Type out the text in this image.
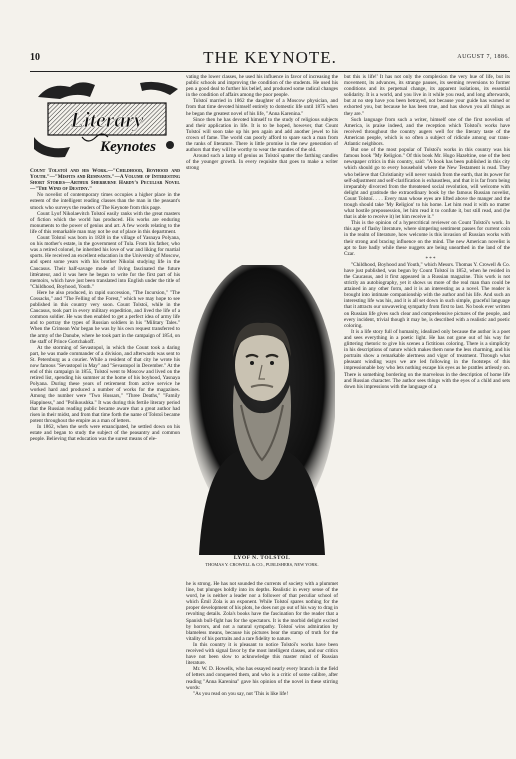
10	THE KEYNOTE.	AUGUST 7, 1886.
Literary
Keynotes

Count Tolstoï and his Work.—"Childhood, Boyhood and Youth."—"Misfits and Remnants."—A Volume of Interesting Short Stories—Arthur Sherburne Hardy's Peculiar Novel—"The Wind of Destiny."

No novelist of contemporary times occupies a higher place in the esteem of the intelligent reading classes than the man in the peasant's smock who surveys the readers of The Keynote from this page.

Count Lyof Nikolaevitch Tolstoï easily ranks with the great masters of fiction which the world has produced. His works are enduring monuments to the power of genius and art. A few words relating to the life of this remarkable man may not be out of place in this department.

Count Tolstoï was born in 1828 in the village of Yasnaya Polyana, on his mother's estate, in the government of Tula. From his father, who was a retired colonel, he inherited his love of war and liking for martial sports. He received an excellent education in the University of Moscow, and spent some years with his brother Nikolai studying life in the Caucasus. Their half-savage mode of living fascinated the future littérateur, and it was here he began to write for the first part of his memoirs, which have just been translated into English under the title of "Childhood, Boyhood, Youth."

Here he also produced, in rapid succession, "The Incursion," "The Cossacks," and "The Felling of the Forest," which we may hope to see published in this country very soon. Count Tolstoï, while in the Caucasus, took part in every military expedition, and lived the life of a common soldier. He was then enabled to get a perfect idea of army life and to portray the types of Russian soldiers in his "Military Tales." When the Crimean War began he was by his own request transferred to the army of the Danube, where he took part in the campaign of 1854, on the staff of Prince Gortchakoff.

At the storming of Sevastopol, in which the Count took a daring part, he was made commander of a division, and afterwards was sent to St. Petersburg as a courier. While a resident of that city he wrote his now famous "Sevastopol in May" and "Sevastopol in December." At the end of this campaign in 1855, Tolstoï went to Moscow and lived on the retired list, spending his summer at the home of his boyhood, Yasnaya Polyana. During these years of retirement from active service he worked hard and produced a number of works for the magazines. Among the number were "Two Hussars," "Three Deaths," "Family Happiness," and "Polikoushka." It was during this fertile literary period that the Russian reading public became aware that a great author had risen in their midst, and from that time forth the name of Tolstoï became potent throughout the empire as a man of letters.

In 1862, when the serfs were emancipated, he settled down on his estate and began to study the subject of the peasantry and common people. Believing that education was the surest means of ele-

vating the lower classes, he used his influence in favor of increasing the public schools and improving the condition of the students. He used his pen a good deal to further his belief, and produced some radical changes in the condition of affairs among the poor people.

Tolstoï married in 1862 the daughter of a Moscow physician, and from that time devoted himself entirely to domestic life until 1875 when he began the greatest novel of his life, "Anna Karenina."

Since then he has devoted himself to the study of religious subjects and their application in life. It is to be hoped, however, that Count Tolstoï will soon take up his pen again and add another jewel to his crown of fame. The world can poorly afford to spare such a man from the ranks of literature. There is little promise in the new generation of authors that they will be worthy to wear the mantles of the old.

Around such a lamp of genius as Tolstoï spatter the farthing candles of the younger growth. In every requisite that goes to make a writer strong

LYOF N. TOLSTOÏ.
THOMAS Y. CROWELL & CO., PUBLISHERS, NEW YORK.

he is strong. He has not sounded the currents of society with a plummet line, but plunges boldly into its depths. Realistic in every sense of the word, he is neither a leader nor a follower of that peculiar school of which Émil Zola is an exponent. While Tolstoï spares nothing for the proper development of his plots, he does not go out of his way to drag in revolting details. Zola's books have the fascination for the reader that a Spanish bull-fight has for the spectators. It is the morbid delight excited by horrors, and not a natural sympathy. Tolstoï wins admiration by blameless means, because his pictures bear the stamp of truth for the vitality of his portraits and a rare fidelity to nature.

In this country it is pleasant to notice Tolstoï's works have been received with signal favor by the most intelligent classes, and our critics have not been slow to acknowledge this master mind of Russian literature.

Mr. W. D. Howells, who has essayed nearly every branch in the field of letters and conquered them, and who is a critic of some calibre, after reading "Anna Karenina" gave his opinion of the novel in these stirring words:

"As you read on you say, not 'This is like life!

but this is life!' It has not only the complexion the very hue of life, but its movement, its advances, its strange pauses, its seeming reversions to former conditions and its perpetual change, its apparent isolations, its essential solidarity. It is a world, and you live in it while you read, and long afterwards, but at no step have you been betrayed, not because your guide has warned or exhorted you, but because he has been true, and has shown you all things as they are."

Such language from such a writer, himself one of the first novelists of America, is praise indeed, and the reception which Tolstoï's works have received throughout the country augers well for the literary taste of the American people, which is so often a subject of ridicule among our trans-Atlantic neighbors.

But one of the most popular of Tolstoï's works in this country was his famous book "My Religion." Of this book Mr. Hugo Hazeltine, one of the best newspaper critics in this country, said: "A book has been published in this city which should go to every household where the New Testament is read. They who believe that Christianity will never vanish from the earth, that its power for self-adjustment and self-clarification is exhaustless, and that it is far from being irreparably divorced from the threatened social revolution, will welcome with delight and gratitude the extraordinary book by the famous Russian novelist, Count Tolstoï. . . . Every man whose eyes are lifted above the manger and the trough should take 'My Religion' to his home. Let him read it with no matter what hostile prepossession, let him read it to confute it, but still read, and (he that is able to receive it) let him receive it."

This is the opinion of a hypercritical reviewer on Count Tolstoï's work. In this age of flashy literature, where simpering sentiment passes for current coin in the realm of literature, how welcome is this invasion of Russian works with their strong and bracing influence on the mind. The new American novelist is apt to fare badly while these nuggets are being unearthed in the land of the Czar.

* * *

"Childhood, Boyhood and Youth," which Messrs. Thomas Y. Crowell & Co. have just published, was begun by Count Tolstoï in 1852, when he resided in the Caucasus, and it first appeared in a Russian magazine. This work is not strictly an autobiography, yet it shows us more of the real man than could be attained in any other form, and it is an interesting as a novel. The reader is brought into intimate companionship with the author and his life. And such an interesting life was his, and it is all set down in such simple, graceful language that it attracts our unwavering sympathy from first to last. No book ever written on Russian life gives such clear and comprehensive pictures of the people, and every incident, trivial though it may be, is described with a realistic and poetic coloring.

It is a life story full of humanity, idealized only because the author is a poet and sees everything in a poetic light. He has not gone out of his way for glittering rhetoric to give his scenes a fictitious coloring. There is a simplicity in his descriptions of nature which makes them none the less charming, and his portraits show a remarkable alertness and vigor of treatment. Through what pleasant winding ways we are led following in the footsteps of this impressionable boy who lets nothing escape his eyes as he prattles artlessly on. There is something bordering on the marvelous in the description of home life and Russian character. The author sees things with the eyes of a child and sets down his impressions with the language of a
